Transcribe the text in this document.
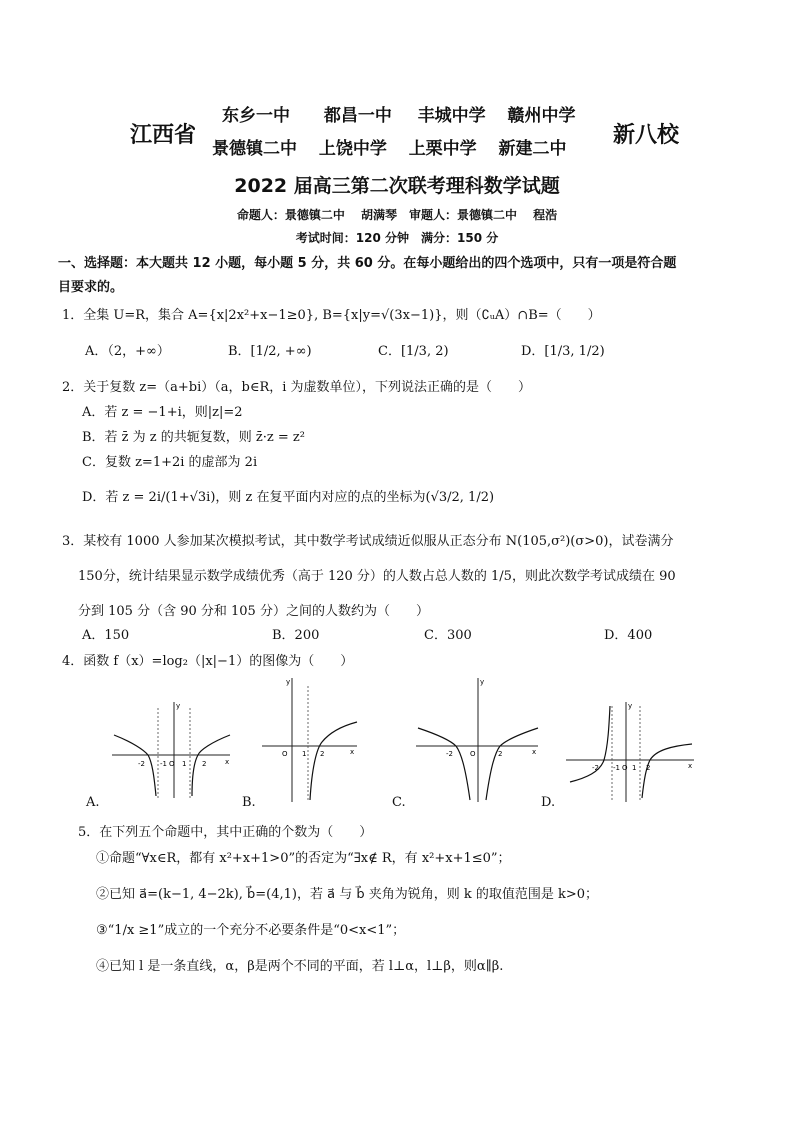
江西省
东乡一中 都昌一中 丰城中学 赣州中学
景德镇二中 上饶中学 上栗中学 新建二中
新八校
2022 届高三第二次联考理科数学试题
命题人：景德镇二中　 胡满琴　审题人：景德镇二中　 程浩
考试时间：120 分钟　满分：150 分
一、选择题：本大题共 12 小题，每小题 5 分，共 60 分。在每小题给出的四个选项中，只有一项是符合题
目要求的。
1．全集 U=R，集合 A={x|2x²+x−1≥0}, B={x|y=√(3x−1)}，则（∁ᵤA）∩B=（　　）
A．（2，+∞）	B．[1/2, +∞)	C．[1/3, 2)	D．[1/3, 1/2)
2．关于复数 z=（a+bi）（a，b∈R，i 为虚数单位），下列说法正确的是（　　）
A．若 z = −1+i，则|z|=2
B．若 z̄ 为 z 的共轭复数，则 z̄·z = z²
C．复数 z=1+2i 的虚部为 2i
D．若 z = 2i/(1+√3i)，则 z 在复平面内对应的点的坐标为(√3/2, 1/2)
3．某校有 1000 人参加某次模拟考试，其中数学考试成绩近似服从正态分布 N(105,σ²)(σ>0)，试卷满分
150分，统计结果显示数学成绩优秀（高于 120 分）的人数占总人数的 1/5，则此次数学考试成绩在 90
分到 105 分（含 90 分和 105 分）之间的人数约为（　　）
A．150	B．200	C．300	D．400
4．函数 f（x）=log₂（|x|−1）的图像为（　　）
-2 -1 O 1 2	x
y
A.
O 1 2	x
y
B.
-2 O	2	x
y
C.
-2 -1 O 1 2	x
y
D.
5．在下列五个命题中，其中正确的个数为（　　）
①命题“∀x∈R，都有 x²+x+1>0”的否定为“∃x∉ R，有 x²+x+1≤0”；
②已知 a⃗=(k−1, 4−2k), b⃗=(4,1)，若 a⃗ 与 b⃗ 夹角为锐角，则 k 的取值范围是 k>0；
③“1/x ≥1”成立的一个充分不必要条件是“0<x<1”；
④已知 l 是一条直线，α，β是两个不同的平面，若 l⊥α，l⊥β，则α∥β.
